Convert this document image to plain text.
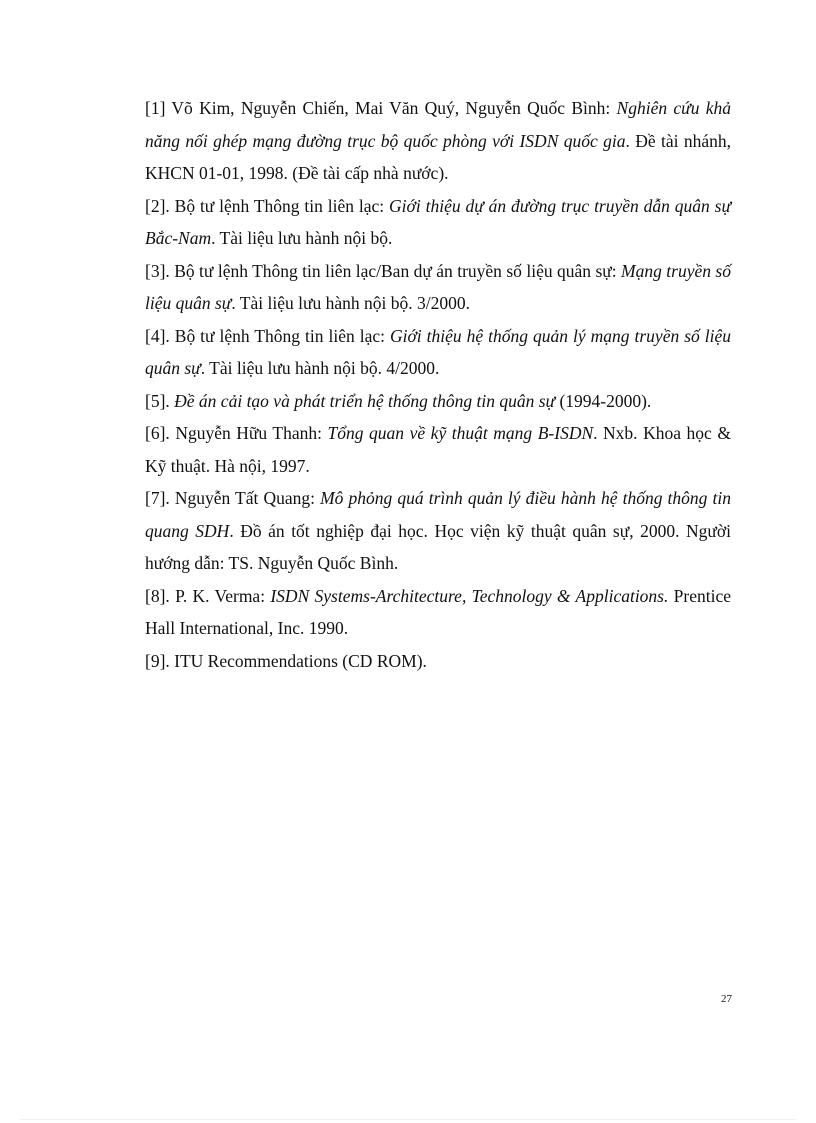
[1] Võ Kim, Nguyễn Chiến, Mai Văn Quý, Nguyễn Quốc Bình: Nghiên cứu khả năng nối ghép mạng đường trục bộ quốc phòng với ISDN quốc gia. Đề tài nhánh, KHCN 01-01, 1998. (Đề tài cấp nhà nước).

[2]. Bộ tư lệnh Thông tin liên lạc: Giới thiệu dự án đường trục truyền dẫn quân sự Bắc-Nam. Tài liệu lưu hành nội bộ.

[3]. Bộ tư lệnh Thông tin liên lạc/Ban dự án truyền số liệu quân sự: Mạng truyền số liệu quân sự. Tài liệu lưu hành nội bộ. 3/2000.

[4]. Bộ tư lệnh Thông tin liên lạc: Giới thiệu hệ thống quản lý mạng truyền số liệu quân sự. Tài liệu lưu hành nội bộ. 4/2000.

[5]. Đề án cải tạo và phát triển hệ thống thông tin quân sự (1994-2000).

[6]. Nguyễn Hữu Thanh: Tổng quan về kỹ thuật mạng B-ISDN. Nxb. Khoa học & Kỹ thuật. Hà nội, 1997.

[7]. Nguyễn Tất Quang: Mô phỏng quá trình quản lý điều hành hệ thống thông tin quang SDH. Đồ án tốt nghiệp đại học. Học viện kỹ thuật quân sự, 2000. Người hướng dẫn: TS. Nguyễn Quốc Bình.

[8]. P. K. Verma: ISDN Systems-Architecture, Technology & Applications. Prentice Hall International, Inc. 1990.

[9]. ITU Recommendations (CD ROM).

27
